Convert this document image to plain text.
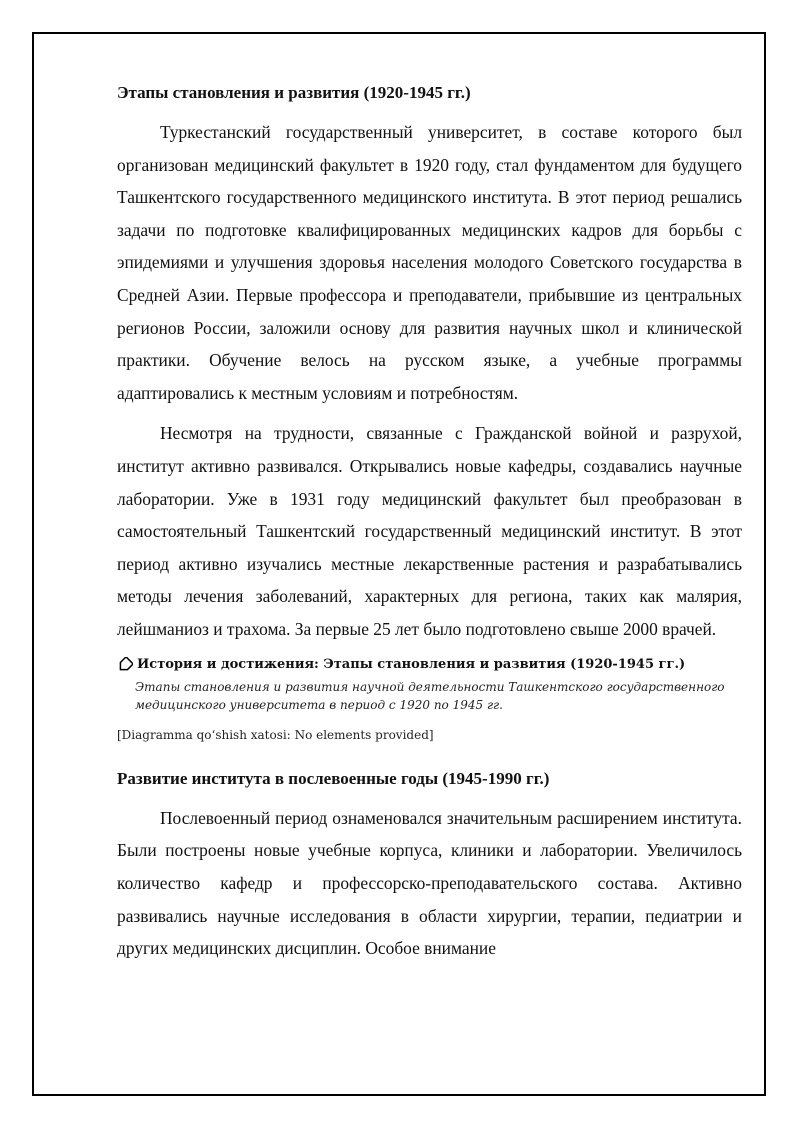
Этапы становления и развития (1920-1945 гг.)

Туркестанский государственный университет, в составе которого был организован медицинский факультет в 1920 году, стал фундаментом для будущего Ташкентского государственного медицинского института. В этот период решались задачи по подготовке квалифицированных медицинских кадров для борьбы с эпидемиями и улучшения здоровья населения молодого Советского государства в Средней Азии. Первые профессора и преподаватели, прибывшие из центральных регионов России, заложили основу для развития научных школ и клинической практики. Обучение велось на русском языке, а учебные программы адаптировались к местным условиям и потребностям.

Несмотря на трудности, связанные с Гражданской войной и разрухой, институт активно развивался. Открывались новые кафедры, создавались научные лаборатории. Уже в 1931 году медицинский факультет был преобразован в самостоятельный Ташкентский государственный медицинский институт. В этот период активно изучались местные лекарственные растения и разрабатывались методы лечения заболеваний, характерных для региона, таких как малярия, лейшманиоз и трахома. За первые 25 лет было подготовлено свыше 2000 врачей.

История и достижения: Этапы становления и развития (1920-1945 гг.)
Этапы становления и развития научной деятельности Ташкентского государственного медицинского университета в период с 1920 по 1945 гг.
[Diagramma qo‘shish xatosi: No elements provided]
Развитие института в послевоенные годы (1945-1990 гг.)

Послевоенный период ознаменовался значительным расширением института. Были построены новые учебные корпуса, клиники и лаборатории. Увеличилось количество кафедр и профессорско-преподавательского состава. Активно развивались научные исследования в области хирургии, терапии, педиатрии и других медицинских дисциплин. Особое внимание
